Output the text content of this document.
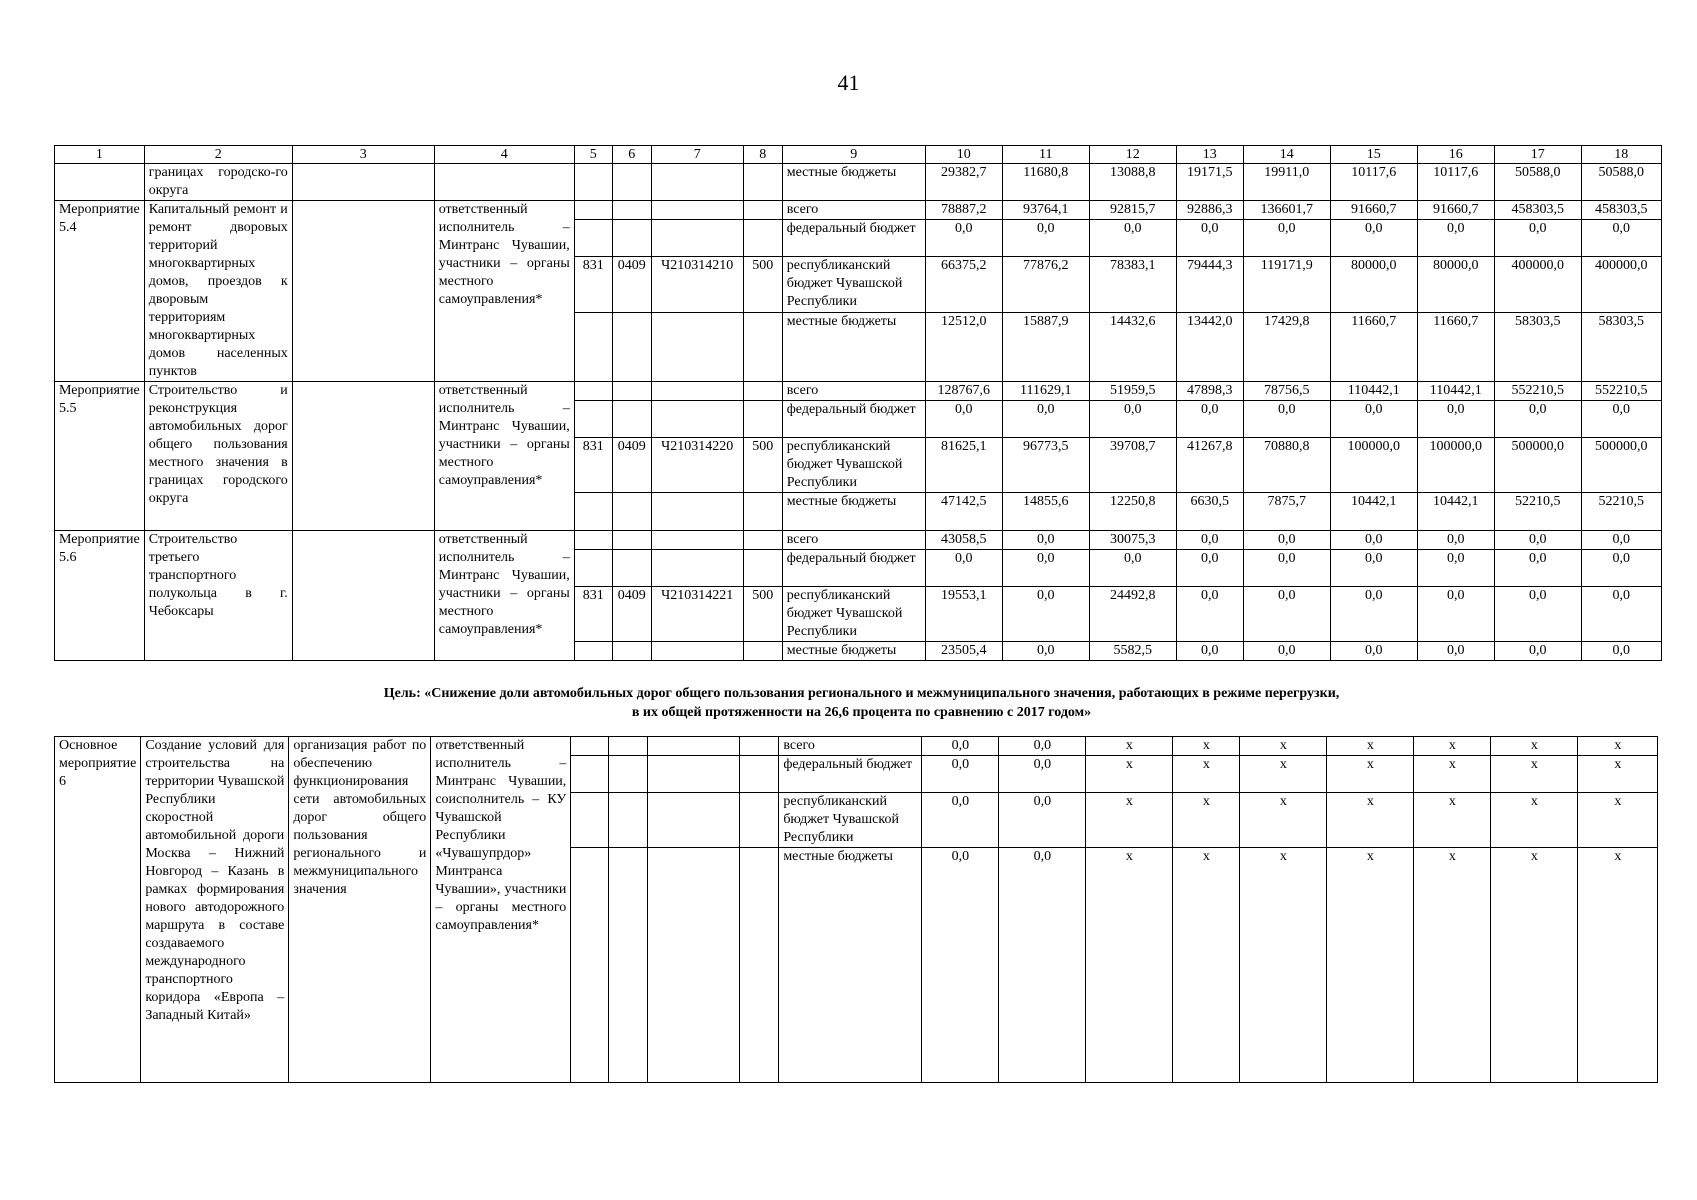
41
1	2	3	4	5	6	7	8	9	10	11	12	13	14	15	16	17	18
	границах городско-го округа							местные бюджеты	29382,7	11680,8	13088,8	19171,5	19911,0	10117,6	10117,6	50588,0	50588,0
Мероприятие 5.4	Капитальный ремонт и ремонт дворовых территорий многоквартирных домов, проездов к дворовым территориям многоквартирных домов населенных пунктов		ответственный исполнитель – Минтранс Чувашии, участники – органы местного самоуправления*					всего	78887,2	93764,1	92815,7	92886,3	136601,7	91660,7	91660,7	458303,5	458303,5
								федеральный бюджет	0,0	0,0	0,0	0,0	0,0	0,0	0,0	0,0	0,0
				831	0409	Ч210314210	500	республиканский бюджет Чувашской Республики	66375,2	77876,2	78383,1	79444,3	119171,9	80000,0	80000,0	400000,0	400000,0
								местные бюджеты	12512,0	15887,9	14432,6	13442,0	17429,8	11660,7	11660,7	58303,5	58303,5
Мероприятие 5.5	Строительство и реконструкция автомобильных дорог общего пользования местного значения в границах городского округа		ответственный исполнитель – Минтранс Чувашии, участники – органы местного самоуправления*					всего	128767,6	111629,1	51959,5	47898,3	78756,5	110442,1	110442,1	552210,5	552210,5
								федеральный бюджет	0,0	0,0	0,0	0,0	0,0	0,0	0,0	0,0	0,0
				831	0409	Ч210314220	500	республиканский бюджет Чувашской Республики	81625,1	96773,5	39708,7	41267,8	70880,8	100000,0	100000,0	500000,0	500000,0
								местные бюджеты	47142,5	14855,6	12250,8	6630,5	7875,7	10442,1	10442,1	52210,5	52210,5
Мероприятие 5.6	Строительство третьего транспортного полукольца в г. Чебоксары		ответственный исполнитель – Минтранс Чувашии, участники – органы местного самоуправления*					всего	43058,5	0,0	30075,3	0,0	0,0	0,0	0,0	0,0	0,0
								федеральный бюджет	0,0	0,0	0,0	0,0	0,0	0,0	0,0	0,0	0,0
				831	0409	Ч210314221	500	республиканский бюджет Чувашской Республики	19553,1	0,0	24492,8	0,0	0,0	0,0	0,0	0,0	0,0
								местные бюджеты	23505,4	0,0	5582,5	0,0	0,0	0,0	0,0	0,0	0,0
Цель: «Снижение доли автомобильных дорог общего пользования регионального и межмуниципального значения, работающих в режиме перегрузки,
в их общей протяженности на 26,6 процента по сравнению с 2017 годом»
Основное мероприятие 6	Создание условий для строительства на территории Чувашской Республики скоростной автомобильной дороги Москва – Нижний Новгород – Казань в рамках формирования нового автодорожного маршрута в составе создаваемого международного транспортного коридора «Европа – Западный Китай»	организация работ по обеспечению функционирования сети автомобильных дорог общего пользования регионального и межмуниципального значения	ответственный исполнитель – Минтранс Чувашии, соисполнитель – КУ Чувашской Республики «Чувашупрдор» Минтранса Чувашии», участники – органы местного самоуправления*					всего	0,0	0,0	x	x	x	x	x	x	x
								федеральный бюджет	0,0	0,0	x	x	x	x	x	x	x
								республиканский бюджет Чувашской Республики	0,0	0,0	x	x	x	x	x	x	x
								местные бюджеты	0,0	0,0	x	x	x	x	x	x	x
